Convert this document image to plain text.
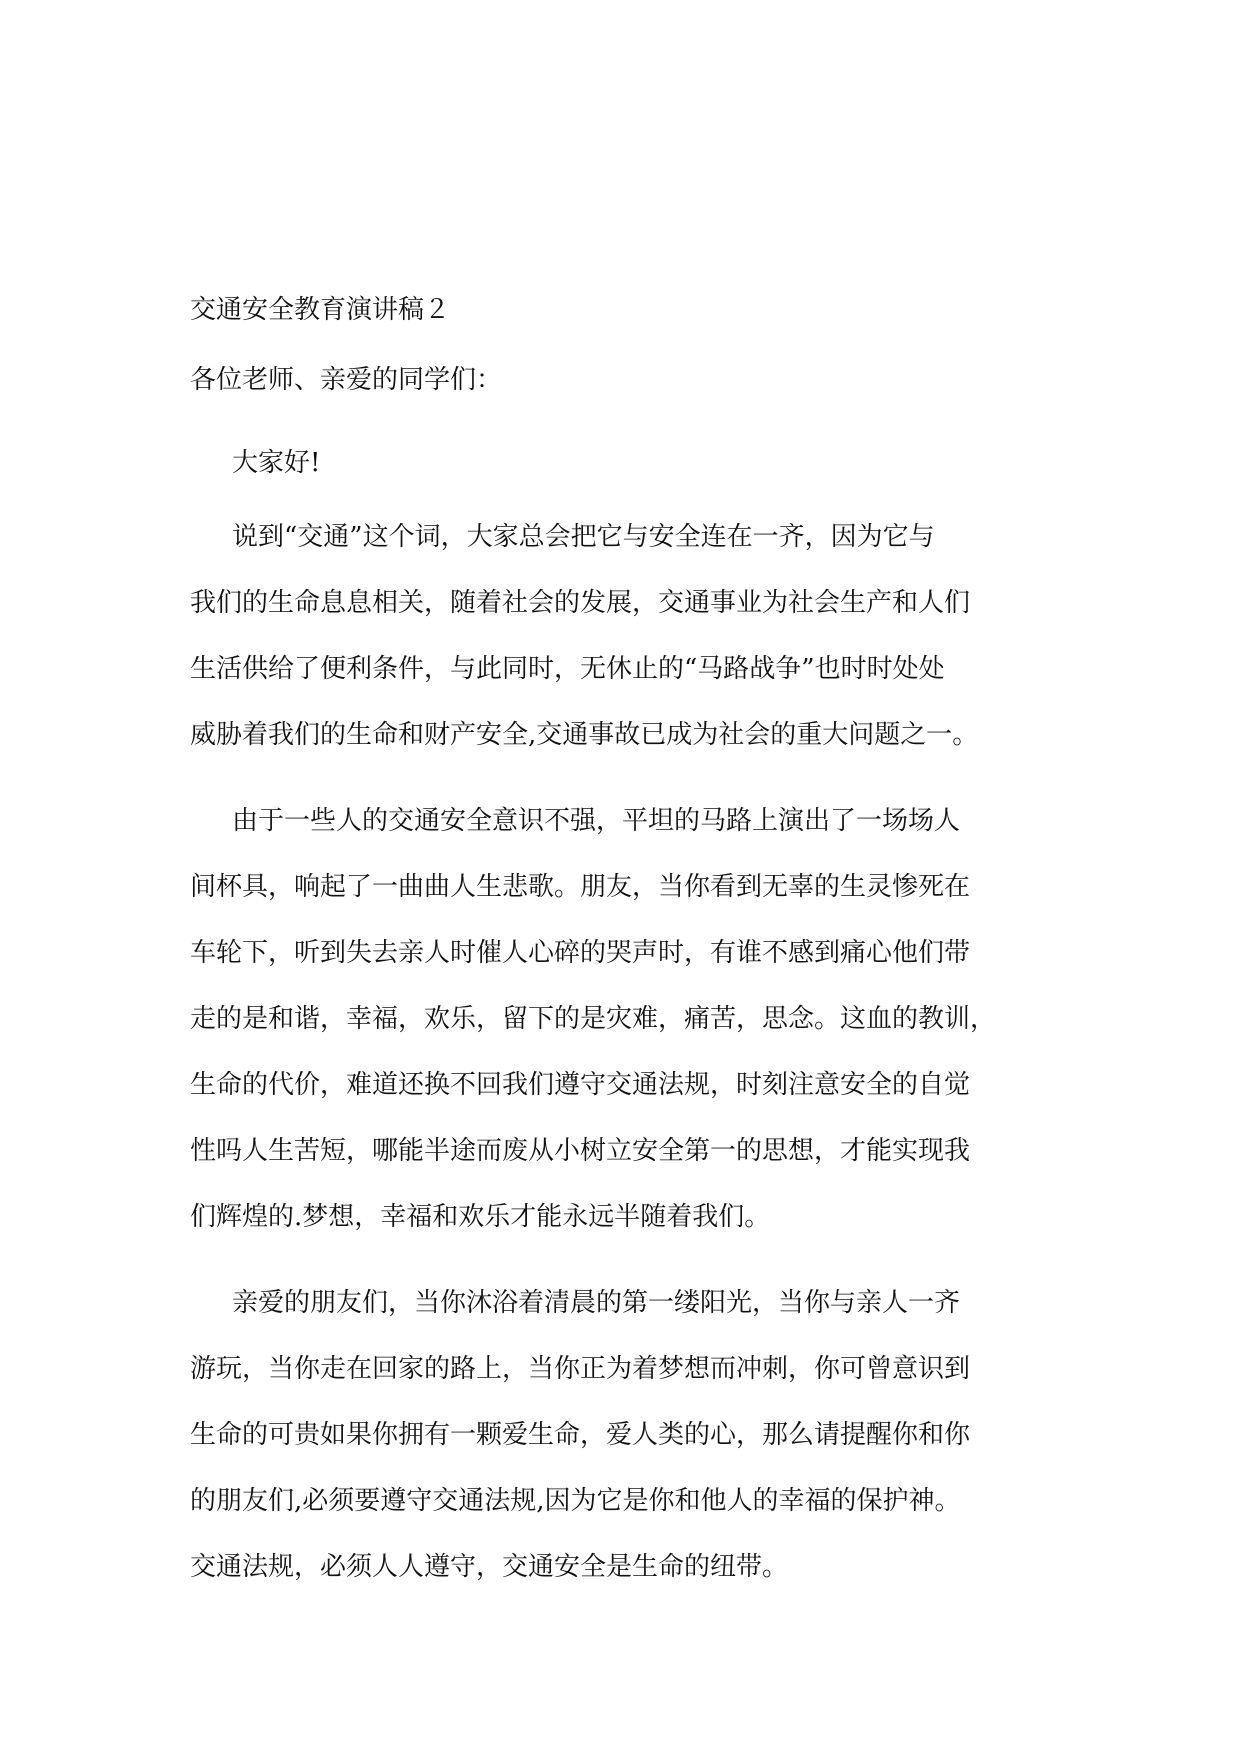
交通安全教育演讲稿２
各位老师、亲爱的同学们：
大家好!
说到“交通”这个词，大家总会把它与安全连在一齐，因为它与
我们的生命息息相关，随着社会的发展，交通事业为社会生产和人们
生活供给了便利条件，与此同时，无休止的“马路战争”也时时处处
威胁着我们的生命和财产安全,交通事故已成为社会的重大问题之一。
由于一些人的交通安全意识不强，平坦的马路上演出了一场场人
间杯具，响起了一曲曲人生悲歌。朋友，当你看到无辜的生灵惨死在
车轮下，听到失去亲人时催人心碎的哭声时，有谁不感到痛心他们带
走的是和谐，幸福，欢乐，留下的是灾难，痛苦，思念。这血的教训，
生命的代价，难道还换不回我们遵守交通法规，时刻注意安全的自觉
性吗人生苦短，哪能半途而废从小树立安全第一的思想，才能实现我
们辉煌的.梦想，幸福和欢乐才能永远半随着我们。
亲爱的朋友们，当你沐浴着清晨的第一缕阳光，当你与亲人一齐
游玩，当你走在回家的路上，当你正为着梦想而冲刺，你可曾意识到
生命的可贵如果你拥有一颗爱生命，爱人类的心，那么请提醒你和你
的朋友们,必须要遵守交通法规,因为它是你和他人的幸福的保护神。
交通法规，必须人人遵守，交通安全是生命的纽带。
